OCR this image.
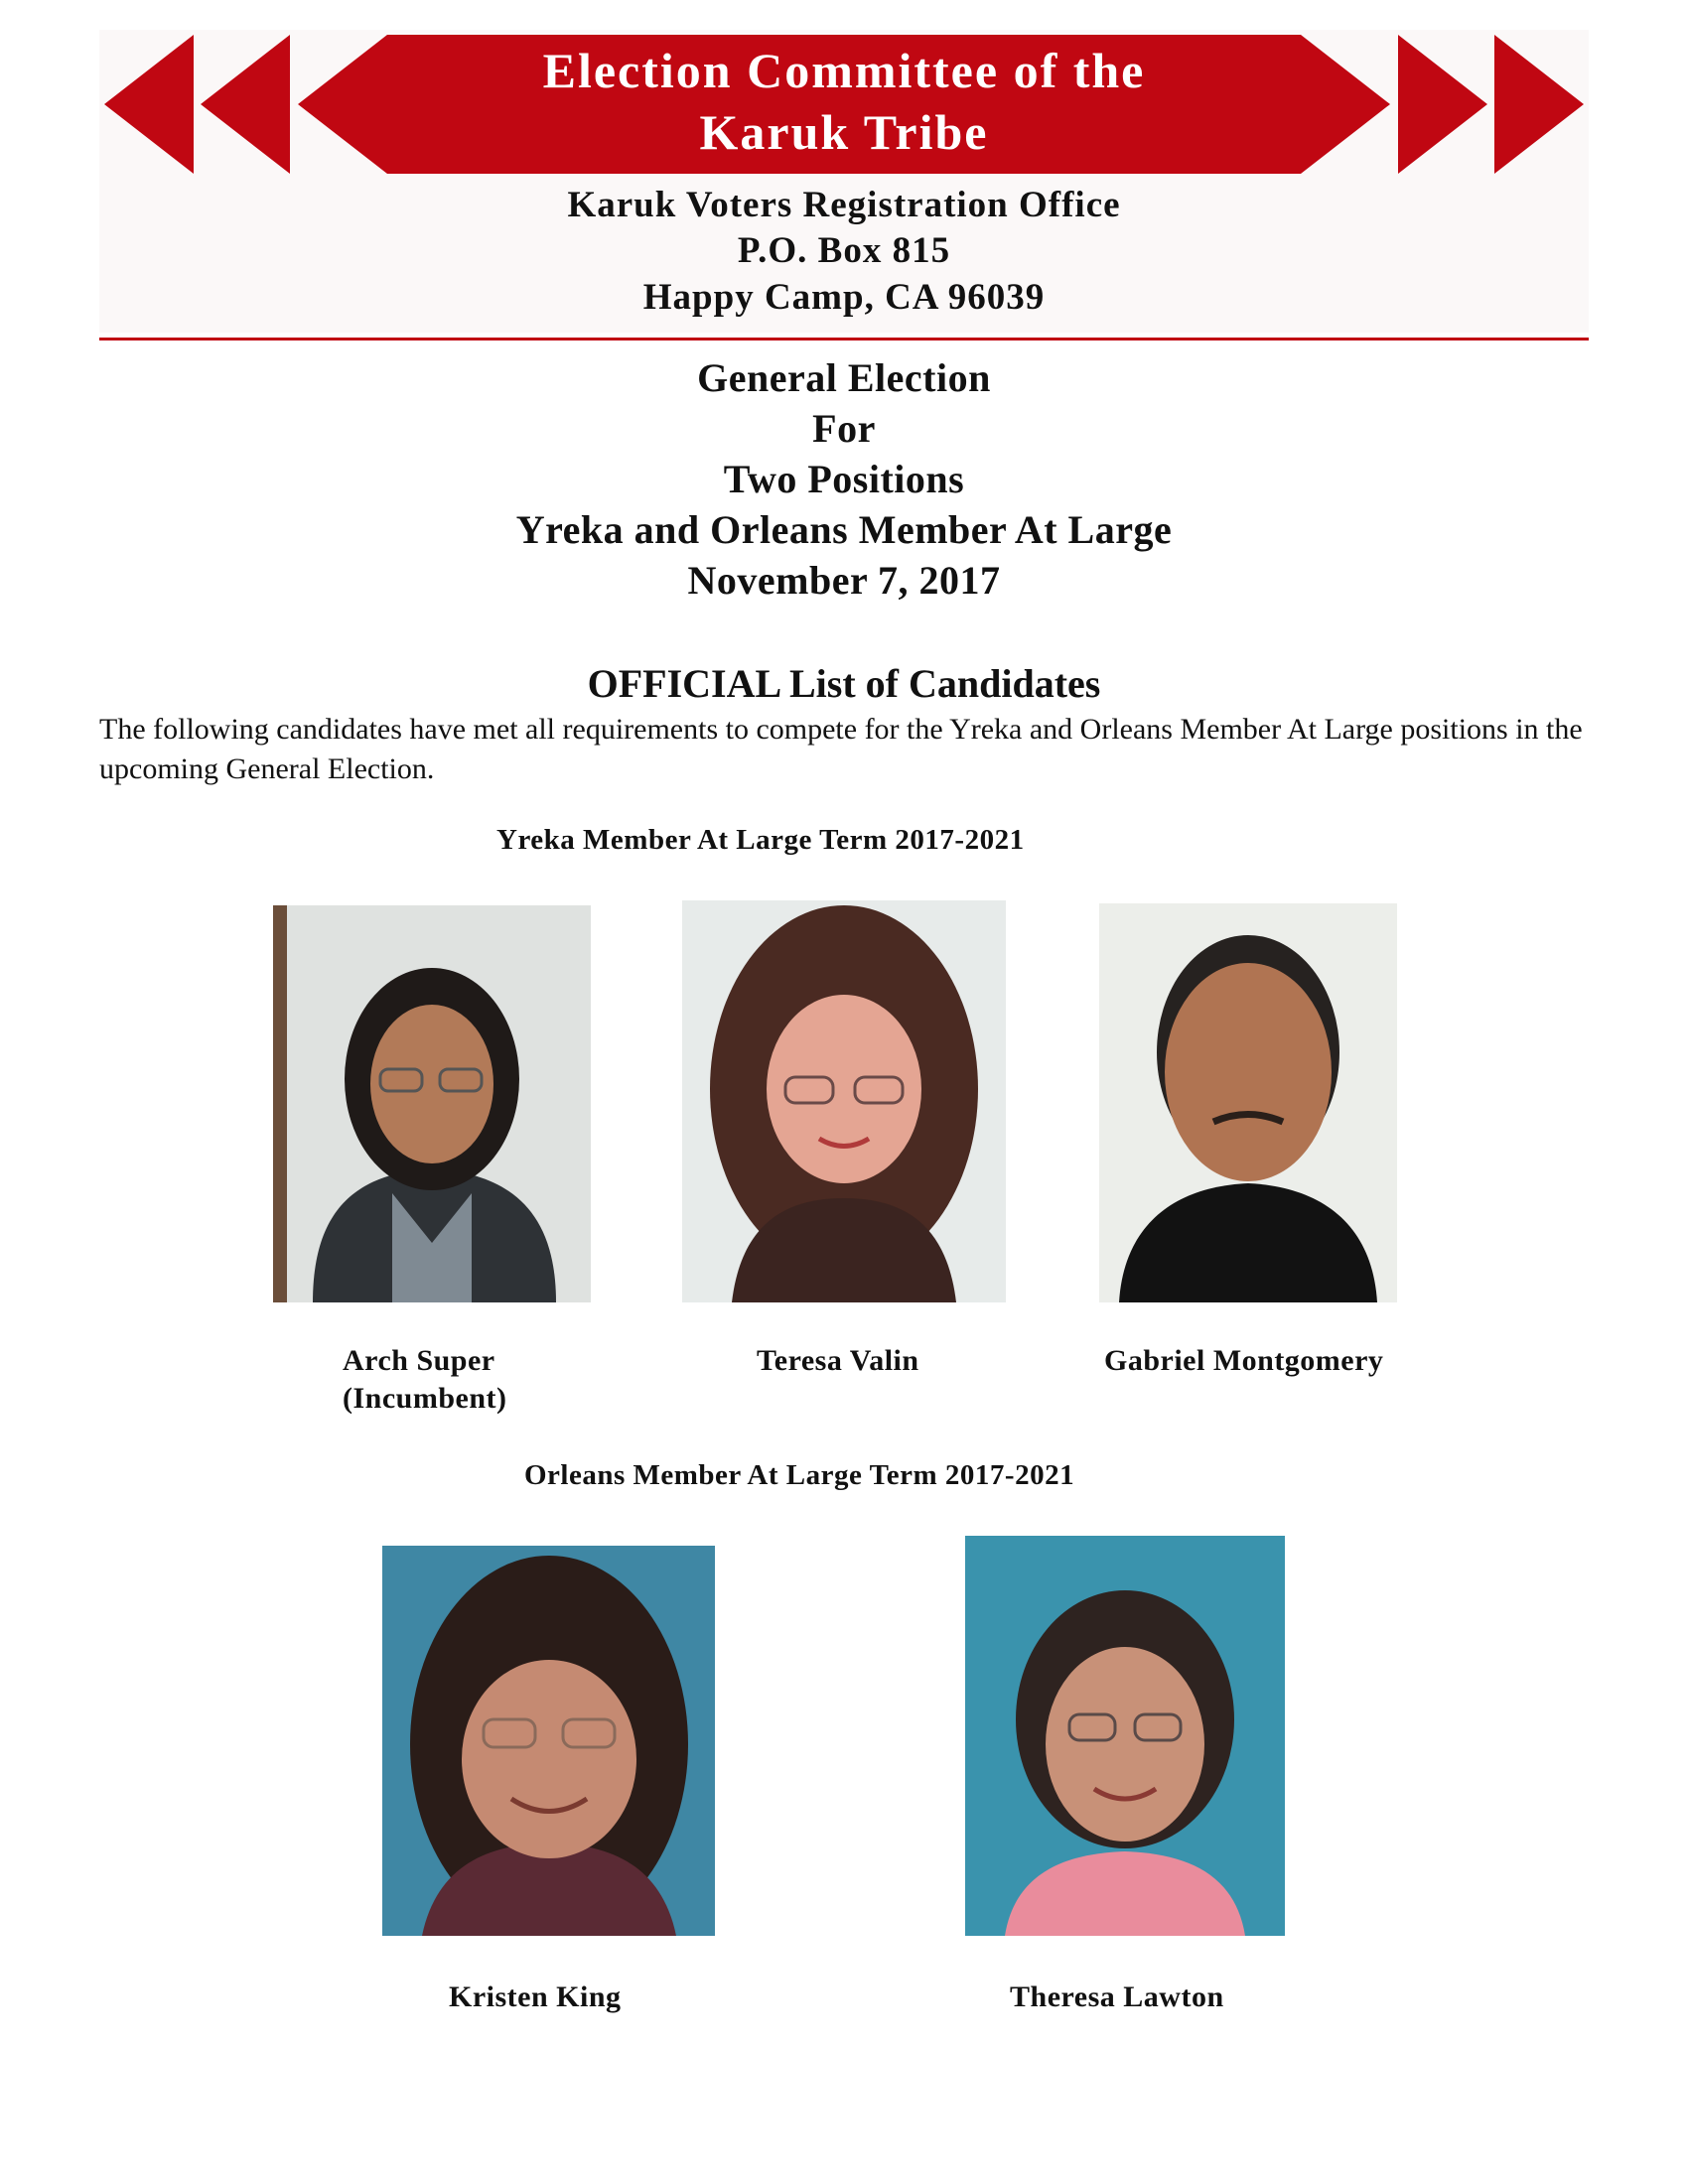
Election Committee of the
Karuk Tribe
Karuk Voters Registration Office
P.O. Box 815
Happy Camp, CA 96039
General Election
For
Two Positions
Yreka and Orleans Member At Large
November 7, 2017
OFFICIAL List of Candidates
The following candidates have met all requirements to compete for the Yreka and Orleans Member At Large positions in the upcoming General Election.
Yreka Member At Large Term 2017-2021
Arch Super
(Incumbent)
Teresa Valin	Gabriel Montgomery
Orleans Member At Large Term 2017-2021
Kristen King	Theresa Lawton
